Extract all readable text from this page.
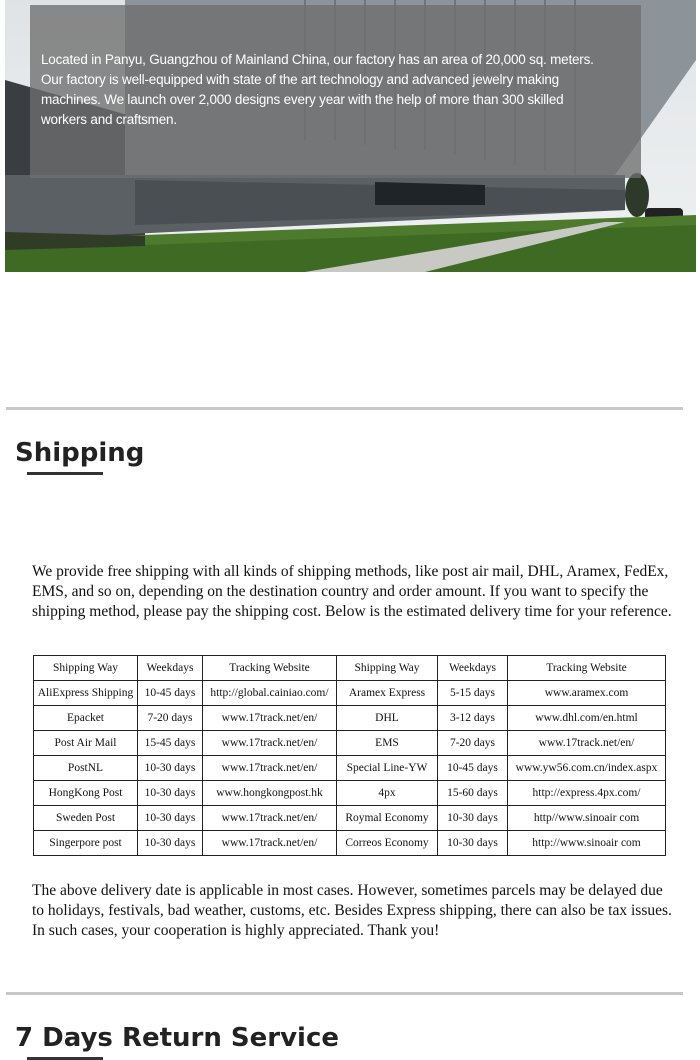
Located in Panyu, Guangzhou of Mainland China, our factory has an area of 20,000 sq. meters. Our factory is well-equipped with state of the art technology and advanced jewelry making machines. We launch over 2,000 designs every year with the help of more than 300 skilled workers and craftsmen.

Shipping

We provide free shipping with all kinds of shipping methods, like post air mail, DHL, Aramex, FedEx, EMS, and so on, depending on the destination country and order amount. If you want to specify the shipping method, please pay the shipping cost. Below is the estimated delivery time for your reference.

Shipping Way	Weekdays	Tracking Website	Shipping Way	Weekdays	Tracking Website
AliExpress Shipping	10-45 days	http://global.cainiao.com/	Aramex Express	5-15 days	www.aramex.com
Epacket	7-20 days	www.17track.net/en/	DHL	3-12 days	www.dhl.com/en.html
Post Air Mail	15-45 days	www.17track.net/en/	EMS	7-20 days	www.17track.net/en/
PostNL	10-30 days	www.17track.net/en/	Special Line-YW	10-45 days	www.yw56.com.cn/index.aspx
HongKong Post	10-30 days	www.hongkongpost.hk	4px	15-60 days	http://express.4px.com/
Sweden Post	10-30 days	www.17track.net/en/	Roymal Economy	10-30 days	http//www.sinoair com
Singerpore post	10-30 days	www.17track.net/en/	Correos Economy	10-30 days	http://www.sinoair com

The above delivery date is applicable in most cases. However, sometimes parcels may be delayed due to holidays, festivals, bad weather, customs, etc. Besides Express shipping, there can also be tax issues. In such cases, your cooperation is highly appreciated. Thank you!

7 Days Return Service
